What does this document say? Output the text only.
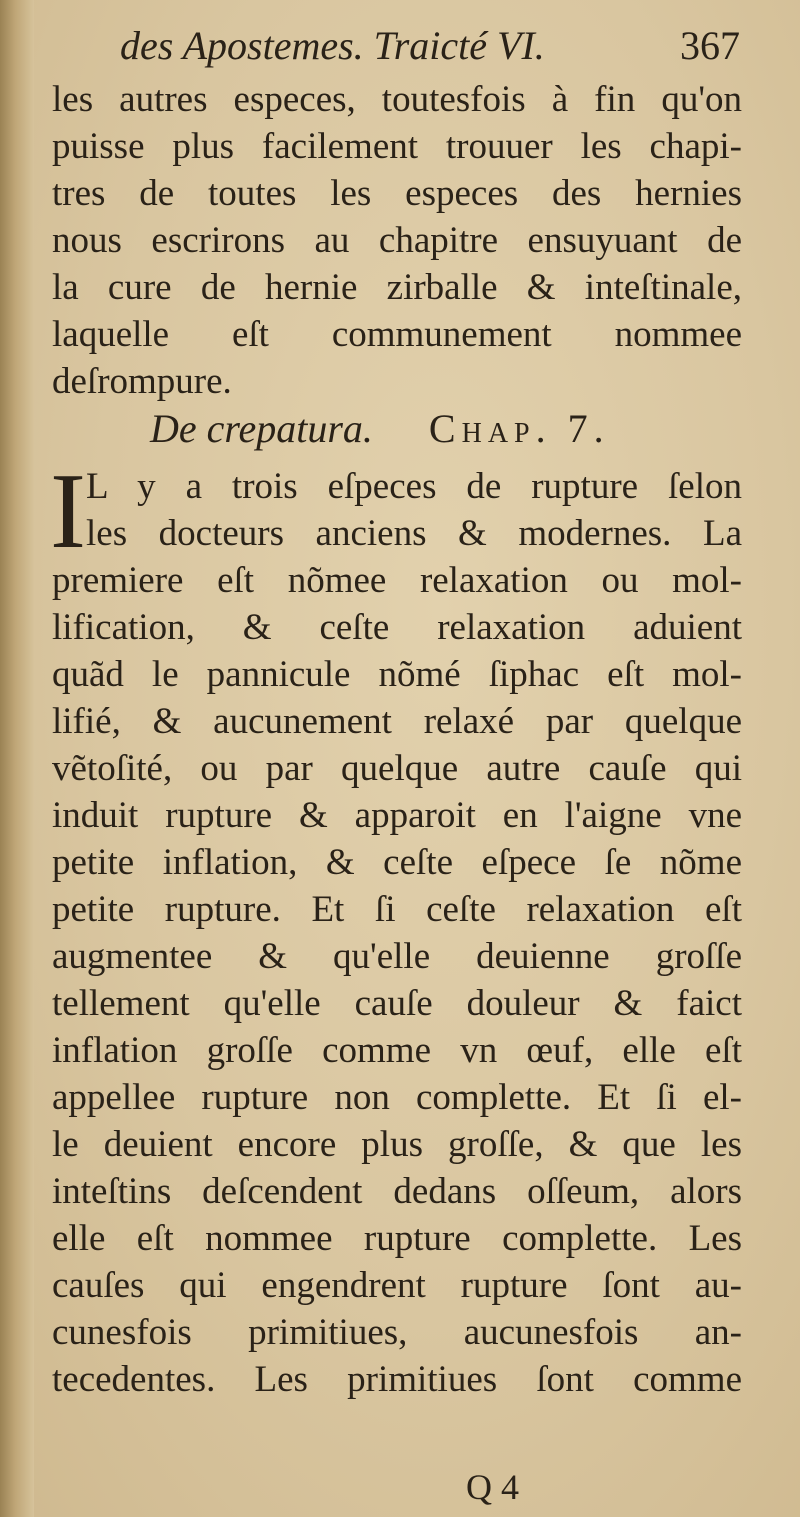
des Apostemes. Traicté VI.	367
les autres especes, toutesfois à fin qu'on
puisse plus facilement trouuer les chapi-
tres de toutes les especes des hernies
nous escrirons au chapitre ensuyuant de
la cure de hernie zirballe & inteſtinale,
laquelle eſt communement nommee
deſrompure.
De crepatura. Chap. 7.
I L y a trois eſpeces de rupture ſelon
les docteurs anciens & modernes. La
premiere eſt nõmee relaxation ou mol-
lification, & ceſte relaxation aduient
quãd le pannicule nõmé ſiphac eſt mol-
lifié, & aucunement relaxé par quelque
vẽtoſité, ou par quelque autre cauſe qui
induit rupture & apparoit en l'aigne vne
petite inflation, & ceſte eſpece ſe nõme
petite rupture. Et ſi ceſte relaxation eſt
augmentee & qu'elle deuienne groſſe
tellement qu'elle cauſe douleur & faict
inflation groſſe comme vn œuf, elle eſt
appellee rupture non complette. Et ſi el-
le deuient encore plus groſſe, & que les
inteſtins deſcendent dedans oſſeum, alors
elle eſt nommee rupture complette. Les
cauſes qui engendrent rupture ſont au-
cunesfois primitiues, aucunesfois an-
tecedentes. Les primitiues ſont comme
Q 4
